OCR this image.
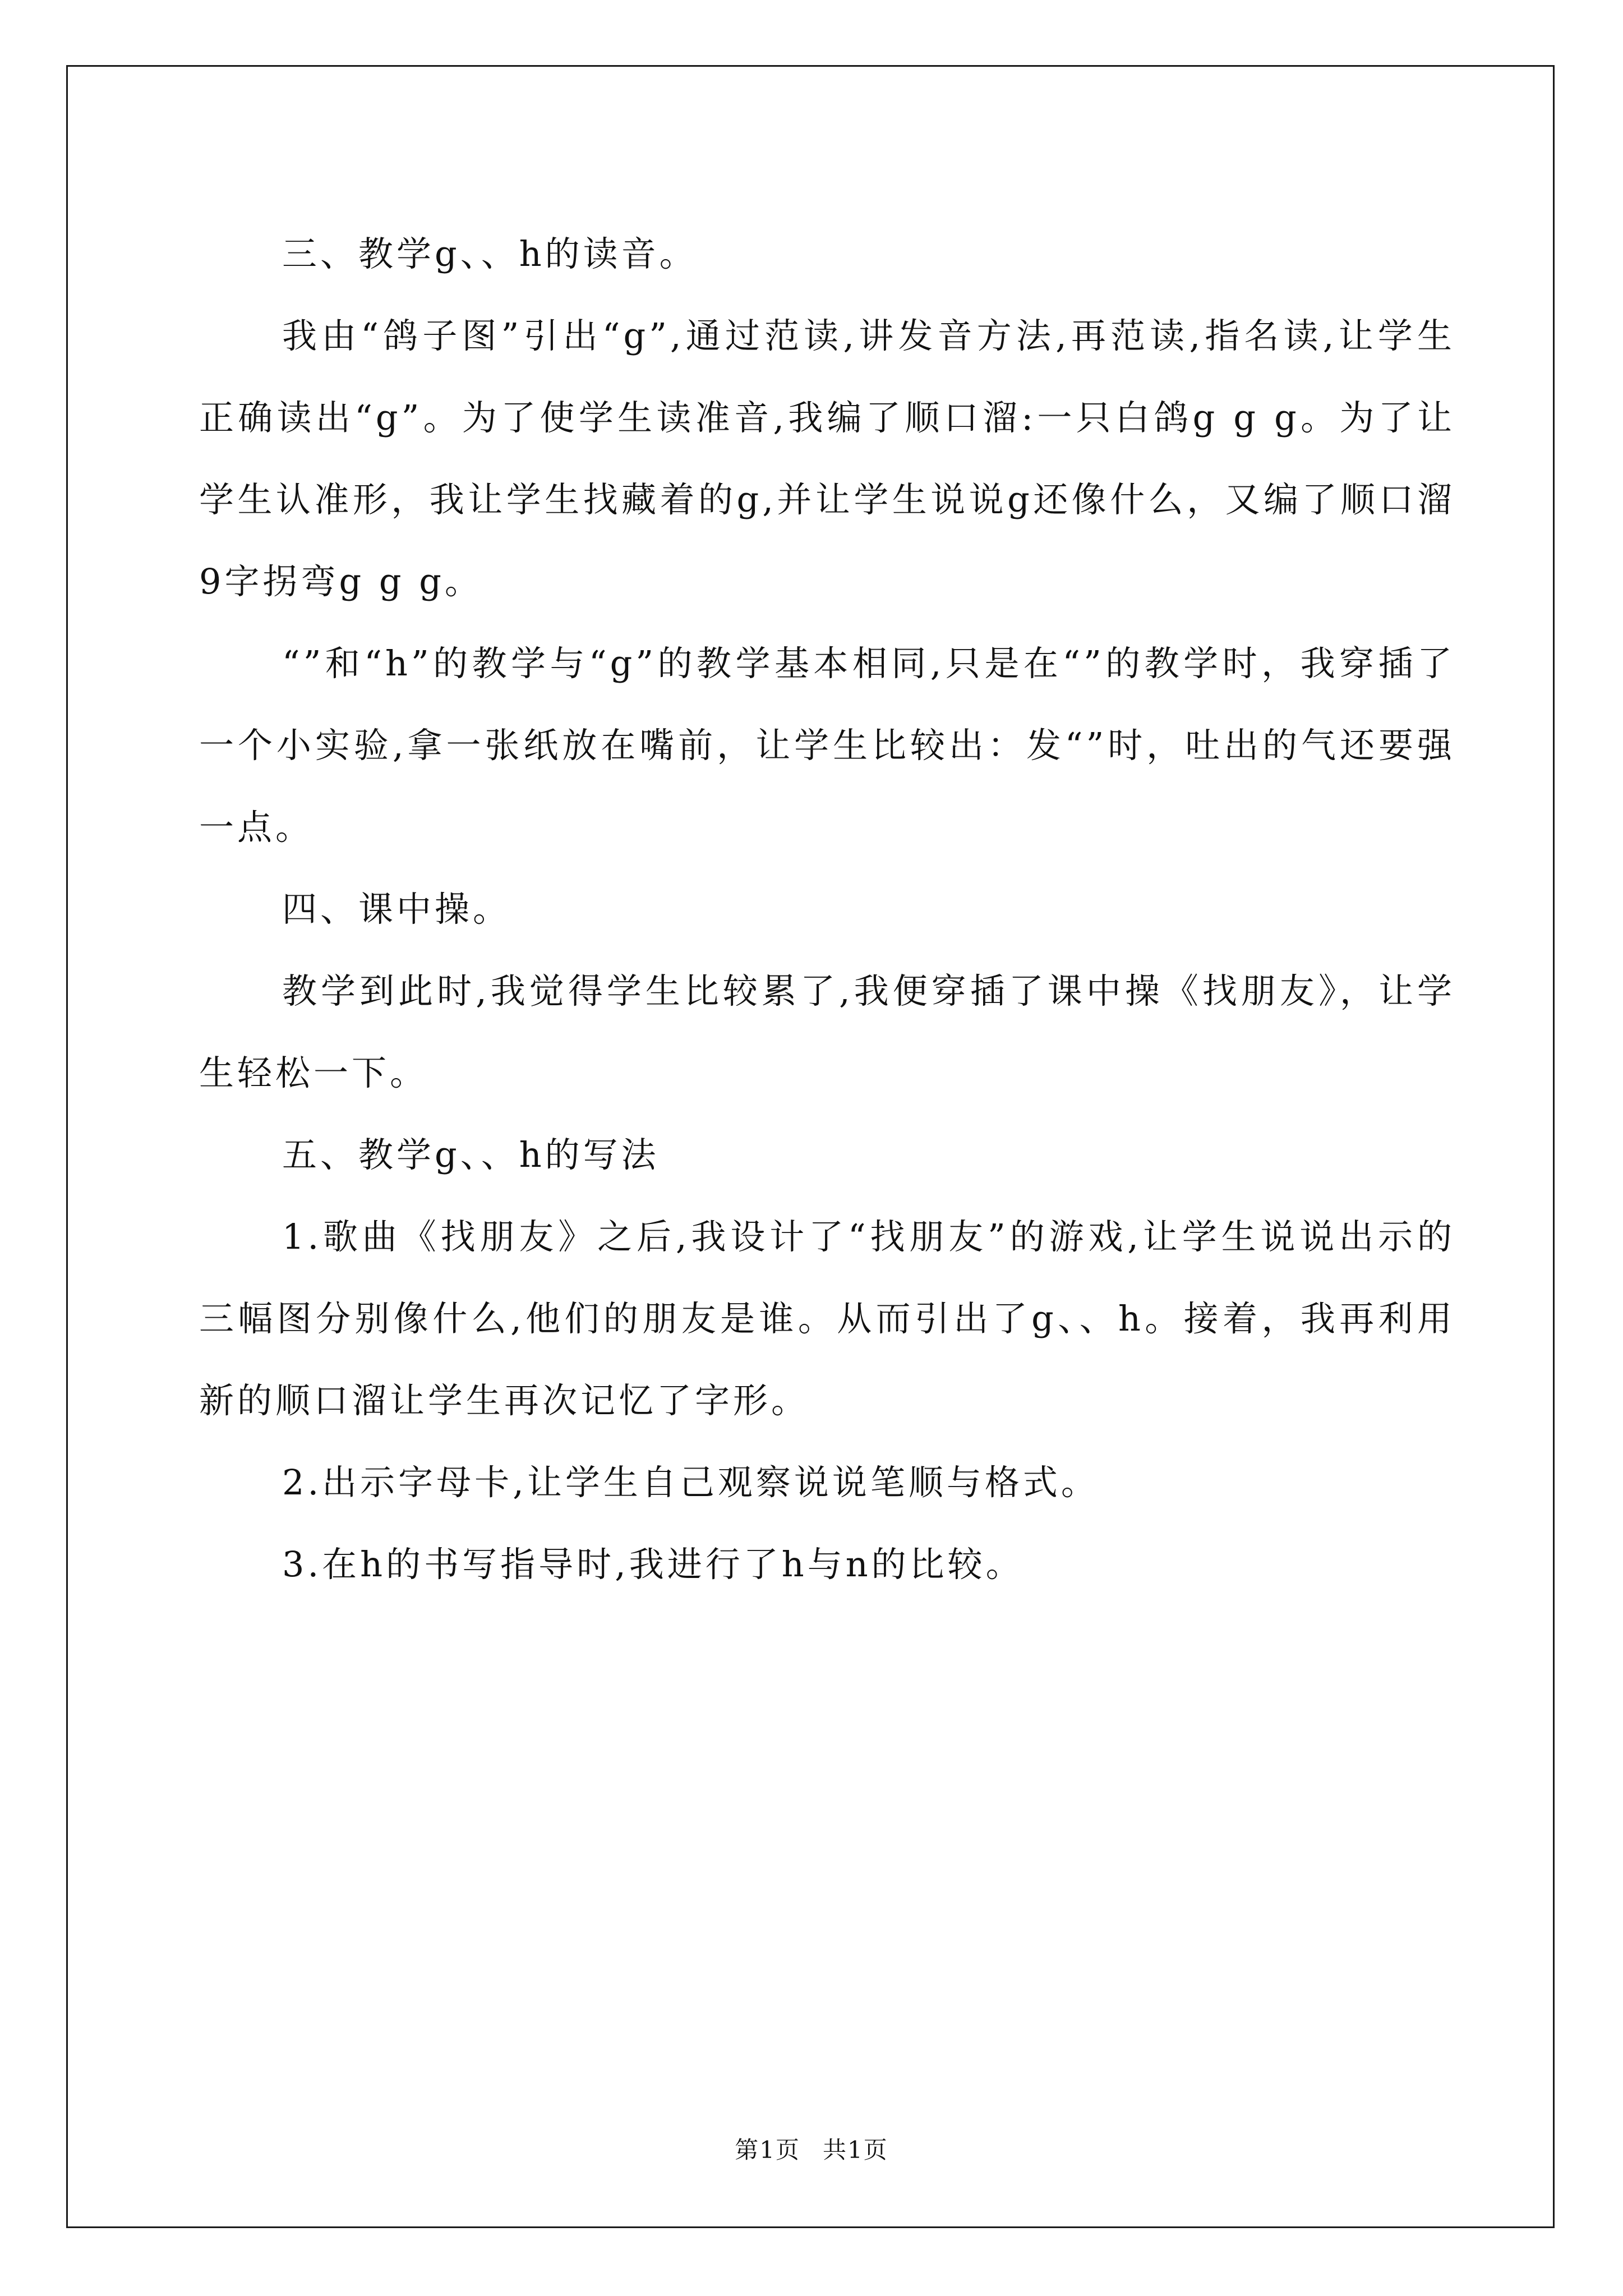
三、教学g、、h的读音。

我由“鸽子图”引出“g”,通过范读,讲发音方法,再范读,指名读,让学生正确读出“g”。为了使学生读准音,我编了顺口溜:一只白鸽g g g。为了让学生认准形，我让学生找藏着的g,并让学生说说g还像什么，又编了顺口溜9字拐弯g g g。

“”和“h”的教学与“g”的教学基本相同,只是在“”的教学时，我穿插了一个小实验,拿一张纸放在嘴前，让学生比较出：发“”时，吐出的气还要强一点。

四、课中操。

教学到此时,我觉得学生比较累了,我便穿插了课中操《找朋友》，让学生轻松一下。

五、教学g、、h的写法

1.歌曲《找朋友》之后,我设计了“找朋友”的游戏,让学生说说出示的三幅图分别像什么,他们的朋友是谁。从而引出了g、、h。接着，我再利用新的顺口溜让学生再次记忆了字形。

2.出示字母卡,让学生自己观察说说笔顺与格式。

3.在h的书写指导时,我进行了h与n的比较。

第1页 共1页
